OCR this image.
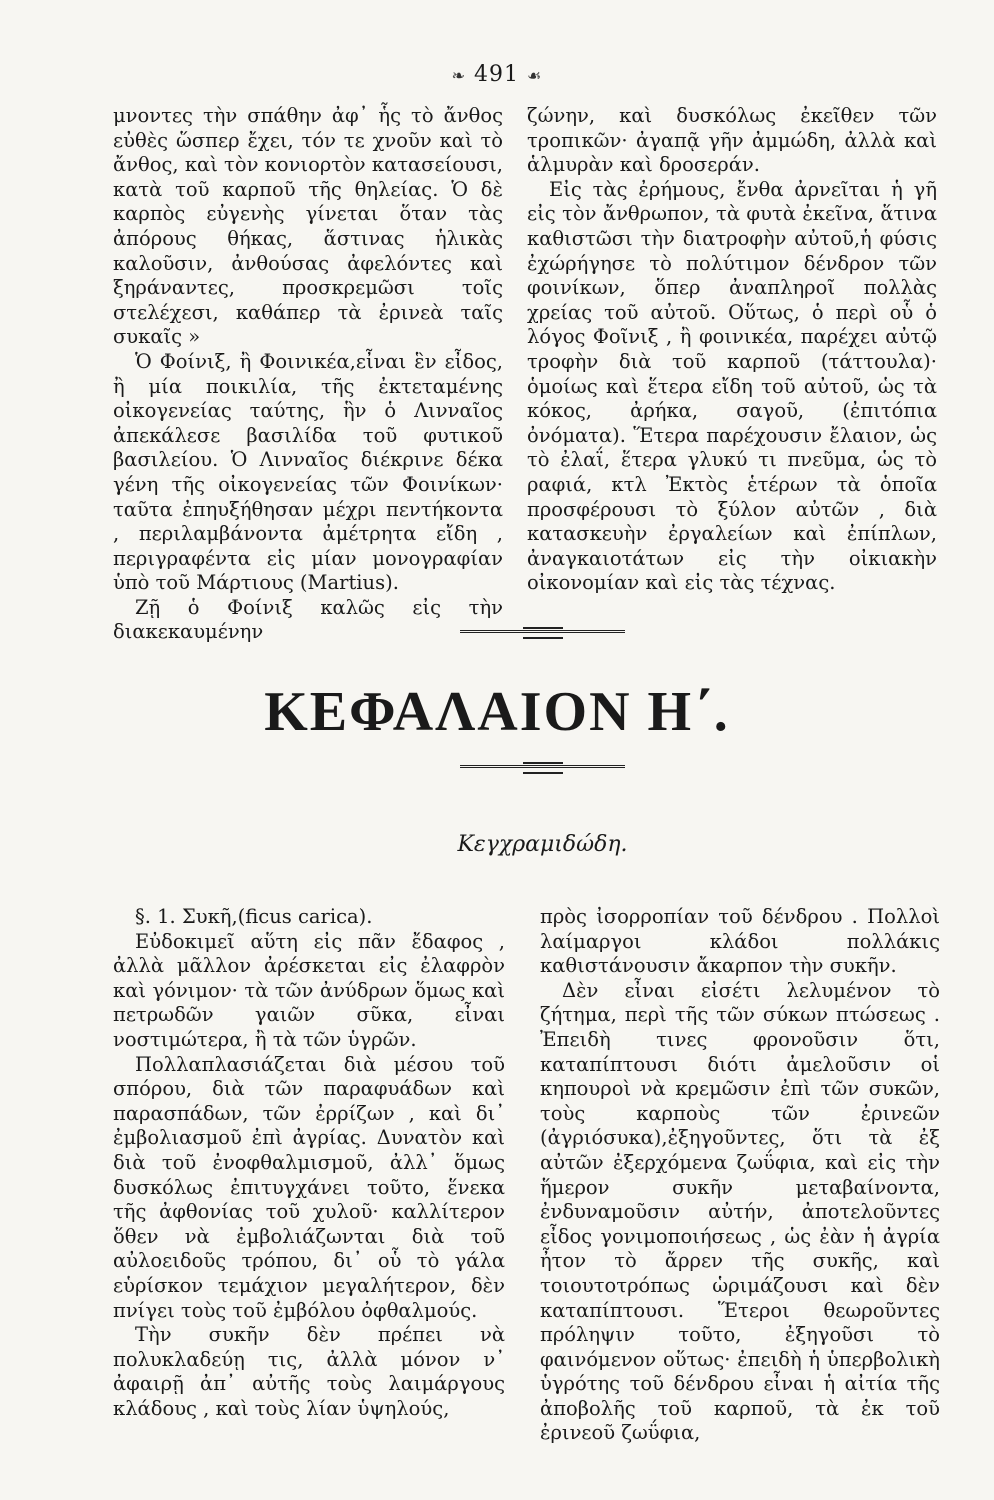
❧ 491 ☙

μνοντες τὴν σπάθην ἀφ᾽ ἧς τὸ ἄνθος εὐθὲς ὥσπερ ἔχει, τόν τε χνοῦν καὶ τὸ ἄνθος, καὶ τὸν κονιορτὸν κατασείουσι, κατὰ τοῦ καρποῦ τῆς θηλείας. Ὁ δὲ καρπὸς εὐγενὴς γίνεται ὅταν τὰς ἀπόρους θήκας, ἅστινας ἡλικὰς καλοῦσιν, ἀνθούσας ἀφελόντες καὶ ξηράναντες, προσκρεμῶσι τοῖς στελέχεσι, καθάπερ τὰ ἐρινεὰ ταῖς συκαῖς »

Ὁ Φοίνιξ, ἢ Φοινικέα,εἶναι ἓν εἶδος, ἢ μία ποικιλία, τῆς ἐκτεταμένης οἰκογενείας ταύτης, ἣν ὁ Λινναῖος ἀπεκάλεσε βασιλίδα τοῦ φυτικοῦ βασιλείου. Ὁ Λινναῖος διέκρινε δέκα γένη τῆς οἰκογενείας τῶν Φοινίκων· ταῦτα ἐπηυξήθησαν μέχρι πεντήκοντα , περιλαμβάνοντα ἀμέτρητα εἴδη , περιγραφέντα εἰς μίαν μονογραφίαν ὑπὸ τοῦ Μάρτιους (Martius).

Ζῇ ὁ Φοίνιξ καλῶς εἰς τὴν διακεκαυμένην

ζώνην, καὶ δυσκόλως ἐκεῖθεν τῶν τροπικῶν· ἀγαπᾷ γῆν ἀμμώδη, ἀλλὰ καὶ ἁλμυρὰν καὶ δροσεράν.

Εἰς τὰς ἐρήμους, ἔνθα ἀρνεῖται ἡ γῆ εἰς τὸν ἄνθρωπον, τὰ φυτὰ ἐκεῖνα, ἅτινα καθιστῶσι τὴν διατροφὴν αὐτοῦ,ἡ φύσις ἐχώρήγησε τὸ πολύτιμον δένδρον τῶν φοινίκων, ὅπερ ἀναπληροῖ πολλὰς χρείας τοῦ αὐτοῦ. Οὕτως, ὁ περὶ οὗ ὁ λόγος Φοῖνιξ , ἢ φοινικέα, παρέχει αὐτῷ τροφὴν διὰ τοῦ καρποῦ (τάττουλα)· ὁμοίως καὶ ἕτερα εἴδη τοῦ αὐτοῦ, ὡς τὰ κόκος, ἀρήκα, σαγοῦ, (ἐπιτόπια ὀνόματα). Ἕτερα παρέχουσιν ἔλαιον, ὡς τὸ ἐλαΐ, ἕτερα γλυκύ τι πνεῦμα, ὡς τὸ ραφιά, κτλ Ἐκτὸς ἑτέρων τὰ ὁποῖα προσφέρουσι τὸ ξύλον αὐτῶν , διὰ κατασκευὴν ἐργαλείων καὶ ἐπίπλων, ἀναγκαιοτάτων εἰς τὴν οἰκιακὴν οἰκονομίαν καὶ εἰς τὰς τέχνας.

ΚΕΦΑΛΑΙΟΝ Η΄.
Κεγχραμιδώδη.

§. 1. Συκῆ,(ficus carica).

Εὐδοκιμεῖ αὕτη εἰς πᾶν ἔδαφος , ἀλλὰ μᾶλλον ἀρέσκεται εἰς ἐλαφρὸν καὶ γόνιμον· τὰ τῶν ἀνύδρων ὅμως καὶ πετρωδῶν γαιῶν σῦκα, εἶναι νοστιμώτερα, ἢ τὰ τῶν ὑγρῶν.

Πολλαπλασιάζεται διὰ μέσου τοῦ σπόρου, διὰ τῶν παραφυάδων καὶ παρασπάδων, τῶν ἐρρίζων , καὶ δι᾽ ἐμβολιασμοῦ ἐπὶ ἀγρίας. Δυνατὸν καὶ διὰ τοῦ ἐνοφθαλμισμοῦ, ἀλλ᾽ ὅμως δυσκόλως ἐπιτυγχάνει τοῦτο, ἕνεκα τῆς ἀφθονίας τοῦ χυλοῦ· καλλίτερον ὅθεν νὰ ἐμβολιάζωνται διὰ τοῦ αὐλοειδοῦς τρόπου, δι᾽ οὗ τὸ γάλα εὑρίσκον τεμάχιον μεγαλήτερον, δὲν πνίγει τοὺς τοῦ ἐμβόλου ὀφθαλμούς.

Τὴν συκῆν δὲν πρέπει νὰ πολυκλαδεύῃ τις, ἀλλὰ μόνον ν᾽ ἀφαιρῇ ἀπ᾽ αὐτῆς τοὺς λαιμάργους κλάδους , καὶ τοὺς λίαν ὑψηλούς,

πρὸς ἰσορροπίαν τοῦ δένδρου . Πολλοὶ λαίμαργοι κλάδοι πολλάκις καθιστάνουσιν ἄκαρπον τὴν συκῆν.

Δὲν εἶναι εἰσέτι λελυμένον τὸ ζήτημα, περὶ τῆς τῶν σύκων πτώσεως . Ἐπειδὴ τινες φρονοῦσιν ὅτι, καταπίπτουσι διότι ἀμελοῦσιν οἱ κηπουροὶ νὰ κρεμῶσιν ἐπὶ τῶν συκῶν, τοὺς καρποὺς τῶν ἐρινεῶν (ἀγριόσυκα),ἐξηγοῦντες, ὅτι τὰ ἐξ αὐτῶν ἐξερχόμενα ζωΰφια, καὶ εἰς τὴν ἥμερον συκῆν μεταβαίνοντα, ἐνδυναμοῦσιν αὐτήν, ἀποτελοῦντες εἶδος γονιμοποιήσεως , ὡς ἐὰν ἡ ἀγρία ἦτον τὸ ἄρρεν τῆς συκῆς, καὶ τοιουτοτρόπως ὡριμάζουσι καὶ δὲν καταπίπτουσι. Ἕτεροι θεωροῦντες πρόληψιν τοῦτο, ἐξηγοῦσι τὸ φαινόμενον οὕτως· ἐπειδὴ ἡ ὑπερβολικὴ ὑγρότης τοῦ δένδρου εἶναι ἡ αἰτία τῆς ἀποβολῆς τοῦ καρποῦ, τὰ ἐκ τοῦ ἐρινεοῦ ζωΰφια,
